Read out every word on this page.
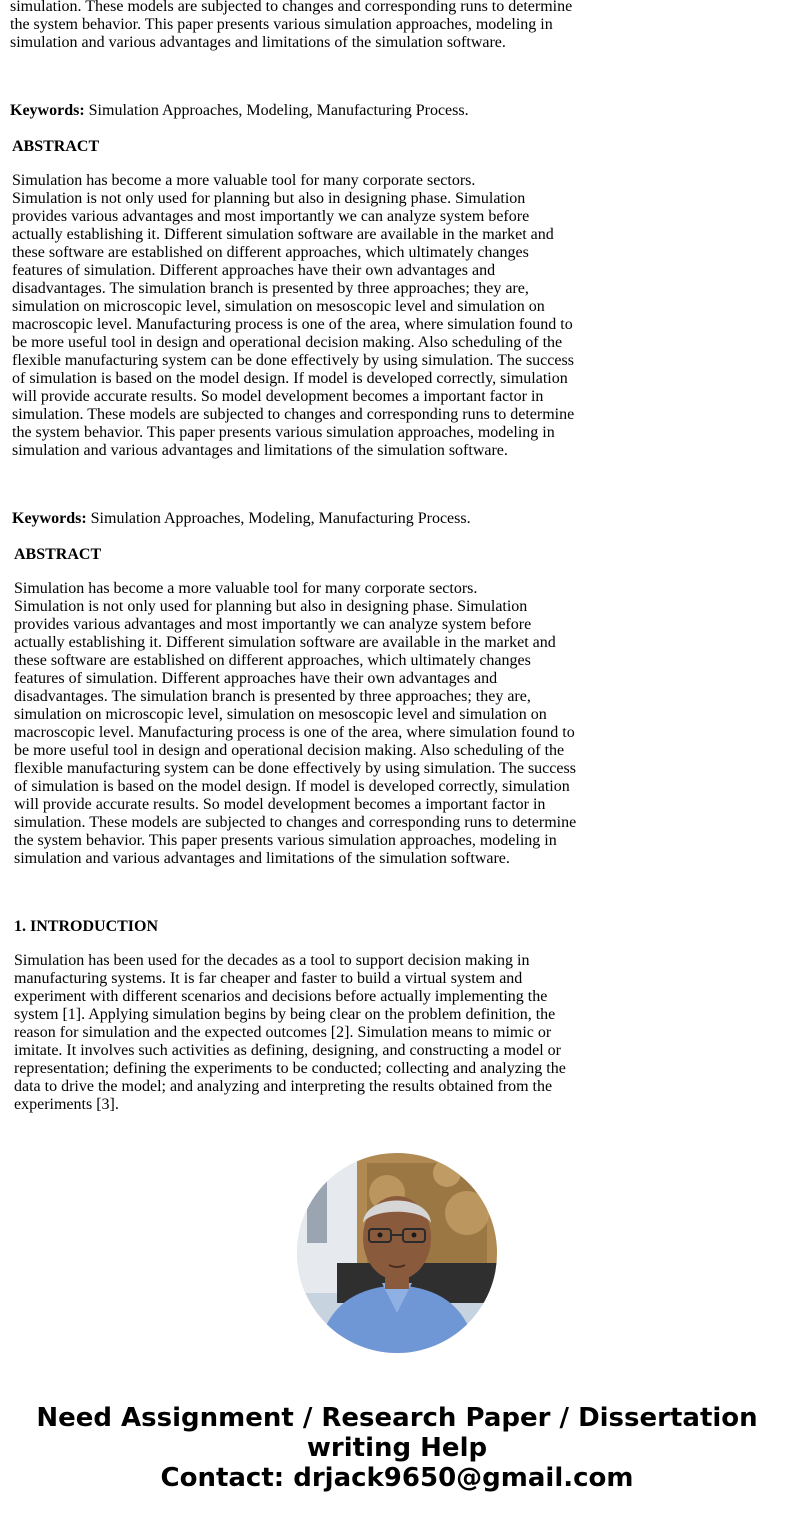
simulation. These models are subjected to changes and corresponding runs to determine
the system behavior. This paper presents various simulation approaches, modeling in
simulation and various advantages and limitations of the simulation software.

Keywords: Simulation Approaches, Modeling, Manufacturing Process.

ABSTRACT

Simulation has become a more valuable tool for many corporate sectors.
Simulation is not only used for planning but also in designing phase. Simulation
provides various advantages and most importantly we can analyze system before
actually establishing it. Different simulation software are available in the market and
these software are established on different approaches, which ultimately changes
features of simulation. Different approaches have their own advantages and
disadvantages. The simulation branch is presented by three approaches; they are,
simulation on microscopic level, simulation on mesoscopic level and simulation on
macroscopic level. Manufacturing process is one of the area, where simulation found to
be more useful tool in design and operational decision making. Also scheduling of the
flexible manufacturing system can be done effectively by using simulation. The success
of simulation is based on the model design. If model is developed correctly, simulation
will provide accurate results. So model development becomes a important factor in
simulation. These models are subjected to changes and corresponding runs to determine
the system behavior. This paper presents various simulation approaches, modeling in
simulation and various advantages and limitations of the simulation software.

Keywords: Simulation Approaches, Modeling, Manufacturing Process.

ABSTRACT

Simulation has become a more valuable tool for many corporate sectors.
Simulation is not only used for planning but also in designing phase. Simulation
provides various advantages and most importantly we can analyze system before
actually establishing it. Different simulation software are available in the market and
these software are established on different approaches, which ultimately changes
features of simulation. Different approaches have their own advantages and
disadvantages. The simulation branch is presented by three approaches; they are,
simulation on microscopic level, simulation on mesoscopic level and simulation on
macroscopic level. Manufacturing process is one of the area, where simulation found to
be more useful tool in design and operational decision making. Also scheduling of the
flexible manufacturing system can be done effectively by using simulation. The success
of simulation is based on the model design. If model is developed correctly, simulation
will provide accurate results. So model development becomes a important factor in
simulation. These models are subjected to changes and corresponding runs to determine
the system behavior. This paper presents various simulation approaches, modeling in
simulation and various advantages and limitations of the simulation software.

1. INTRODUCTION

Simulation has been used for the decades as a tool to support decision making in
manufacturing systems. It is far cheaper and faster to build a virtual system and
experiment with different scenarios and decisions before actually implementing the
system [1]. Applying simulation begins by being clear on the problem definition, the
reason for simulation and the expected outcomes [2]. Simulation means to mimic or
imitate. It involves such activities as defining, designing, and constructing a model or
representation; defining the experiments to be conducted; collecting and analyzing the
data to drive the model; and analyzing and interpreting the results obtained from the
experiments [3].

Need Assignment / Research Paper / Dissertation
writing Help
Contact: drjack9650@gmail.com
